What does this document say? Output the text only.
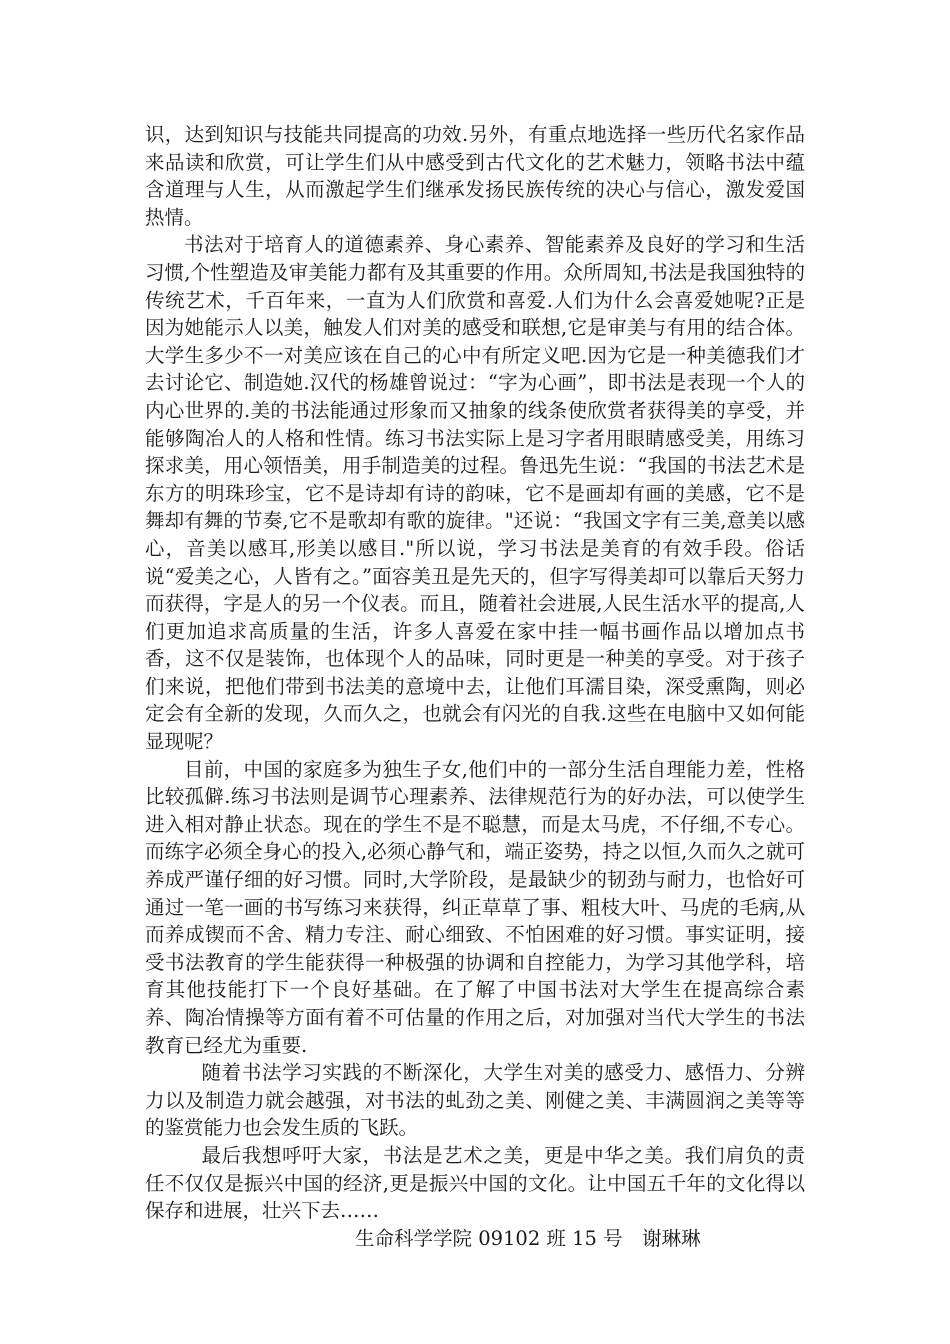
识，达到知识与技能共同提高的功效.另外，有重点地选择一些历代名家作品来品读和欣赏，可让学生们从中感受到古代文化的艺术魅力，领略书法中蕴含道理与人生，从而激起学生们继承发扬民族传统的决心与信心，激发爱国热情。

书法对于培育人的道德素养、身心素养、智能素养及良好的学习和生活习惯,个性塑造及审美能力都有及其重要的作用。众所周知,书法是我国独特的传统艺术，千百年来，一直为人们欣赏和喜爱.人们为什么会喜爱她呢?正是因为她能示人以美，触发人们对美的感受和联想,它是审美与有用的结合体。大学生多少不一对美应该在自己的心中有所定义吧.因为它是一种美德我们才去讨论它、制造她.汉代的杨雄曾说过：“字为心画”，即书法是表现一个人的内心世界的.美的书法能通过形象而又抽象的线条使欣赏者获得美的享受，并能够陶冶人的人格和性情。练习书法实际上是习字者用眼睛感受美，用练习探求美，用心领悟美，用手制造美的过程。鲁迅先生说：“我国的书法艺术是东方的明珠珍宝，它不是诗却有诗的韵味，它不是画却有画的美感，它不是舞却有舞的节奏,它不是歌却有歌的旋律。"还说：“我国文字有三美,意美以感心，音美以感耳,形美以感目."所以说，学习书法是美育的有效手段。俗话说“爱美之心，人皆有之。”面容美丑是先天的，但字写得美却可以靠后天努力而获得，字是人的另一个仪表。而且，随着社会进展,人民生活水平的提高,人们更加追求高质量的生活，许多人喜爱在家中挂一幅书画作品以增加点书香，这不仅是装饰，也体现个人的品味，同时更是一种美的享受。对于孩子们来说，把他们带到书法美的意境中去，让他们耳濡目染，深受熏陶，则必定会有全新的发现，久而久之，也就会有闪光的自我.这些在电脑中又如何能显现呢？

目前，中国的家庭多为独生子女,他们中的一部分生活自理能力差，性格比较孤僻.练习书法则是调节心理素养、法律规范行为的好办法，可以使学生进入相对静止状态。现在的学生不是不聪慧，而是太马虎，不仔细,不专心。而练字必须全身心的投入,必须心静气和，端正姿势，持之以恒,久而久之就可养成严谨仔细的好习惯。同时,大学阶段，是最缺少的韧劲与耐力，也恰好可通过一笔一画的书写练习来获得，纠正草草了事、粗枝大叶、马虎的毛病,从而养成锲而不舍、精力专注、耐心细致、不怕困难的好习惯。事实证明，接受书法教育的学生能获得一种极强的协调和自控能力，为学习其他学科，培育其他技能打下一个良好基础。在了解了中国书法对大学生在提高综合素养、陶冶情操等方面有着不可估量的作用之后，对加强对当代大学生的书法教育已经尤为重要.

随着书法学习实践的不断深化，大学生对美的感受力、感悟力、分辨力以及制造力就会越强，对书法的虬劲之美、刚健之美、丰满圆润之美等等的鉴赏能力也会发生质的飞跃。

最后我想呼吁大家，书法是艺术之美，更是中华之美。我们肩负的责任不仅仅是振兴中国的经济,更是振兴中国的文化。让中国五千年的文化得以保存和进展，壮兴下去……

生命科学学院 09102 班 15 号　谢琳琳
